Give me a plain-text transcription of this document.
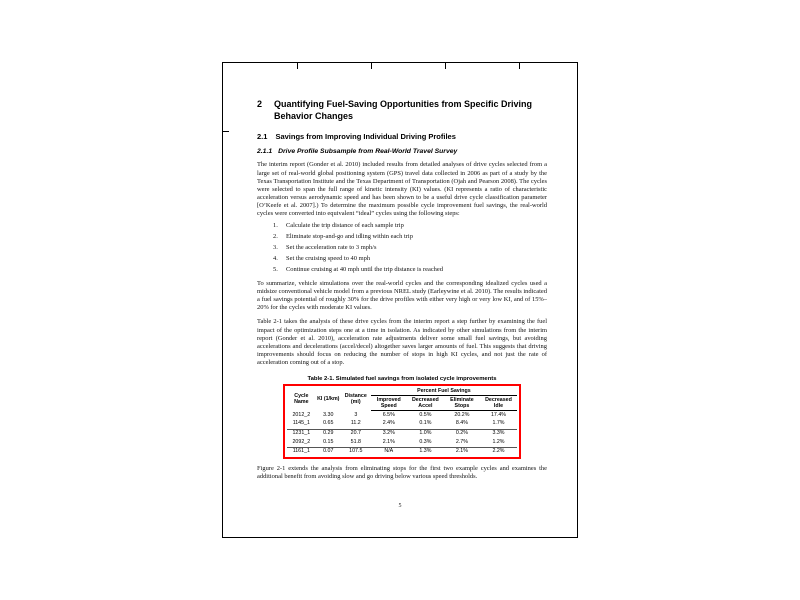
2	Quantifying Fuel-Saving Opportunities from Specific Driving Behavior Changes
2.1 Savings from Improving Individual Driving Profiles
2.1.1 Drive Profile Subsample from Real-World Travel Survey
The interim report (Gonder et al. 2010) included results from detailed analyses of drive cycles selected from a large set of real-world global positioning system (GPS) travel data collected in 2006 as part of a study by the Texas Transportation Institute and the Texas Department of Transportation (Ojah and Pearson 2008). The cycles were selected to span the full range of kinetic intensity (KI) values. (KI represents a ratio of characteristic acceleration versus aerodynamic speed and has been shown to be a useful drive cycle classification parameter [O’Keefe et al. 2007].) To determine the maximum possible cycle improvement fuel savings, the real-world cycles were converted into equivalent “ideal” cycles using the following steps:
1.	Calculate the trip distance of each sample trip
2.	Eliminate stop-and-go and idling within each trip
3.	Set the acceleration rate to 3 mph/s
4.	Set the cruising speed to 40 mph
5.	Continue cruising at 40 mph until the trip distance is reached
To summarize, vehicle simulations over the real-world cycles and the corresponding idealized cycles used a midsize conventional vehicle model from a previous NREL study (Earleywine et al. 2010). The results indicated a fuel savings potential of roughly 30% for the drive profiles with either very high or very low KI, and of 15%–20% for the cycles with moderate KI values.
Table 2-1 takes the analysis of these drive cycles from the interim report a step further by examining the fuel impact of the optimization steps one at a time in isolation. As indicated by other simulations from the interim report (Gonder et al. 2010), acceleration rate adjustments deliver some small fuel savings, but avoiding accelerations and decelerations (accel/decel) altogether saves larger amounts of fuel. This suggests that driving improvements should focus on reducing the number of stops in high KI cycles, and not just the rate of acceleration coming out of a stop.
Table 2-1. Simulated fuel savings from isolated cycle improvements
Cycle Name	KI (1/km)	Distance (mi)	Percent Fuel Savings			
			Improved Speed	Decreased Accel	Eliminate Stops	Decreased Idle
2012_2	3.30	3	6.5%	0.5%	20.2%	17.4%
1145_1	0.65	11.2	2.4%	0.1%	8.4%	1.7%
1231_1	0.29	20.7	3.2%	1.0%	0.2%	3.3%
2092_2	0.15	51.8	2.1%	0.3%	2.7%	1.2%
1161_1	0.07	107.5	N/A	1.3%	2.1%	2.2%
Figure 2-1 extends the analysis from eliminating stops for the first two example cycles and examines the additional benefit from avoiding slow and go driving below various speed thresholds.
5
